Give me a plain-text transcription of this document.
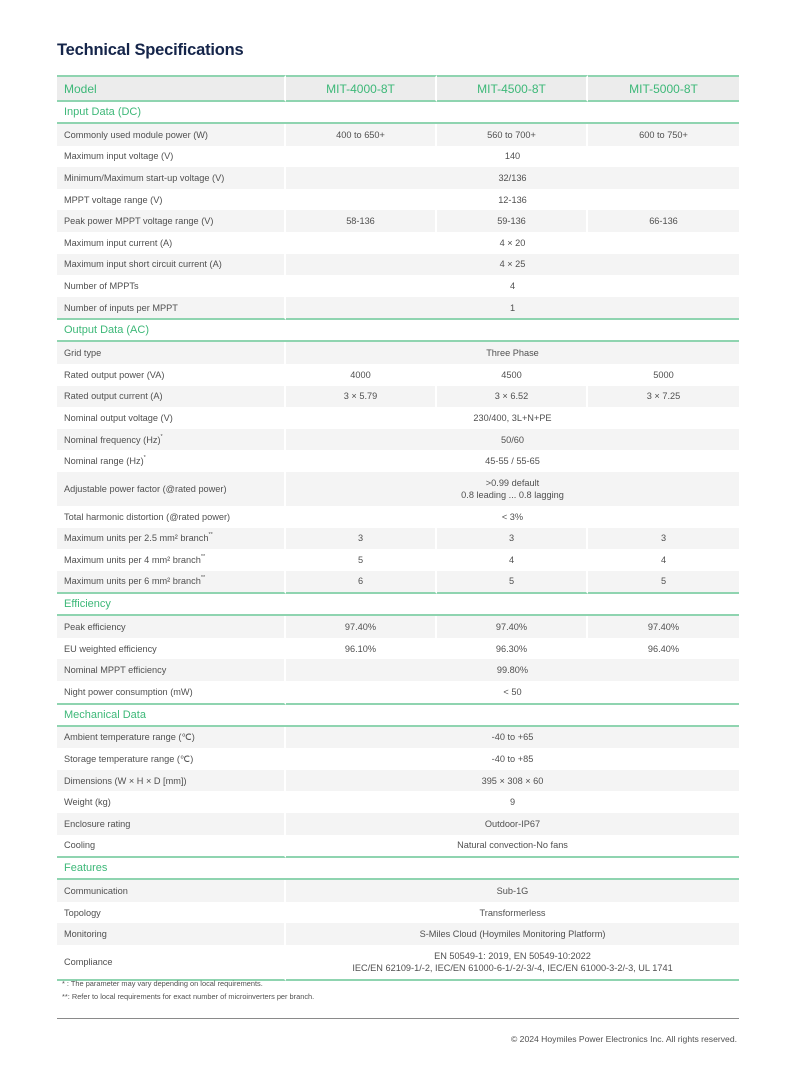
Technical Specifications
Model	MIT-4000-8T	MIT-4500-8T	MIT-5000-8T
Input Data (DC)			
Commonly used module power (W)	400 to 650+	560 to 700+	600 to 750+
Maximum input voltage (V)	140		

Minimum/Maximum start-up voltage (V)	32/136		

MPPT voltage range (V)	12-136		

Peak power MPPT voltage range (V)	58-136	59-136	66-136
Maximum input current (A)	4 × 20		

Maximum input short circuit current (A)	4 × 25		

Number of MPPTs	4		

Number of inputs per MPPT	1		

Output Data (AC)			
Grid type	Three Phase		

Rated output power (VA)	4000	4500	5000
Rated output current (A)	3 × 5.79	3 × 6.52	3 × 7.25
Nominal output voltage (V)	230/400, 3L+N+PE		

Nominal frequency (Hz)*	50/60		

Nominal range (Hz)*	45-55 / 55-65		

Adjustable power factor (@rated power)	>0.99 default
0.8 leading ... 0.8 lagging		

Total harmonic distortion (@rated power)	< 3%		

Maximum units per 2.5 mm² branch**	3	3	3
Maximum units per 4 mm² branch**	5	4	4
Maximum units per 6 mm² branch**	6	5	5
Efficiency			
Peak efficiency	97.40%	97.40%	97.40%
EU weighted efficiency	96.10%	96.30%	96.40%
Nominal MPPT efficiency	99.80%		

Night power consumption (mW)	< 50		

Mechanical Data			
Ambient temperature range (℃)	-40 to +65		

Storage temperature range (℃)	-40 to +85		

Dimensions (W × H × D [mm])	395 × 308 × 60		

Weight (kg)	9		

Enclosure rating	Outdoor-IP67		

Cooling	Natural convection-No fans		

Features			
Communication	Sub-1G		

Topology	Transformerless		

Monitoring	S-Miles Cloud (Hoymiles Monitoring Platform)		

Compliance	EN 50549-1: 2019, EN 50549-10:2022
IEC/EN 62109-1/-2, IEC/EN 61000-6-1/-2/-3/-4, IEC/EN 61000-3-2/-3, UL 1741		
* : The parameter may vary depending on local requirements.
**: Refer to local requirements for exact number of microinverters per branch.
© 2024 Hoymiles Power Electronics Inc. All rights reserved.
